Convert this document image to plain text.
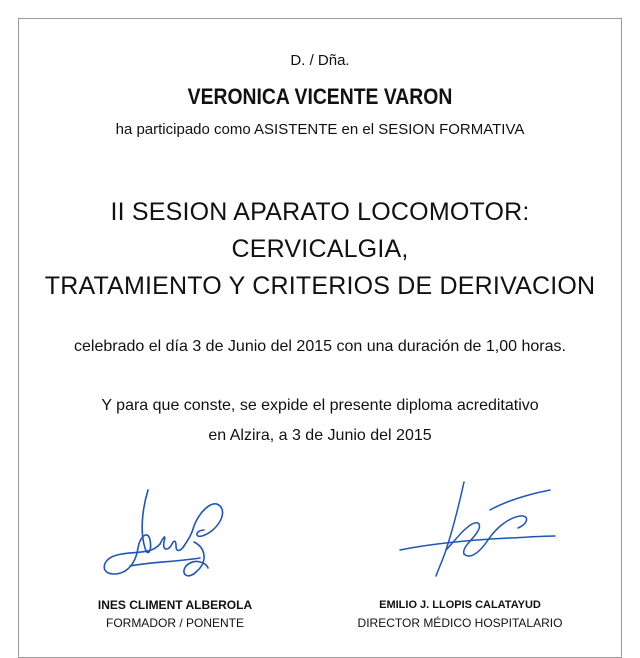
D. / Dña.
VERONICA VICENTE VARON
ha participado como ASISTENTE en el SESION FORMATIVA
II SESION APARATO LOCOMOTOR:
CERVICALGIA,
TRATAMIENTO Y CRITERIOS DE DERIVACION
celebrado el día 3 de Junio del 2015 con una duración de 1,00 horas.
Y para que conste, se expide el presente diploma acreditativo
en Alzira, a 3 de Junio del 2015
INES CLIMENT ALBEROLA
FORMADOR / PONENTE
EMILIO J. LLOPIS CALATAYUD
DIRECTOR MÉDICO HOSPITALARIO
